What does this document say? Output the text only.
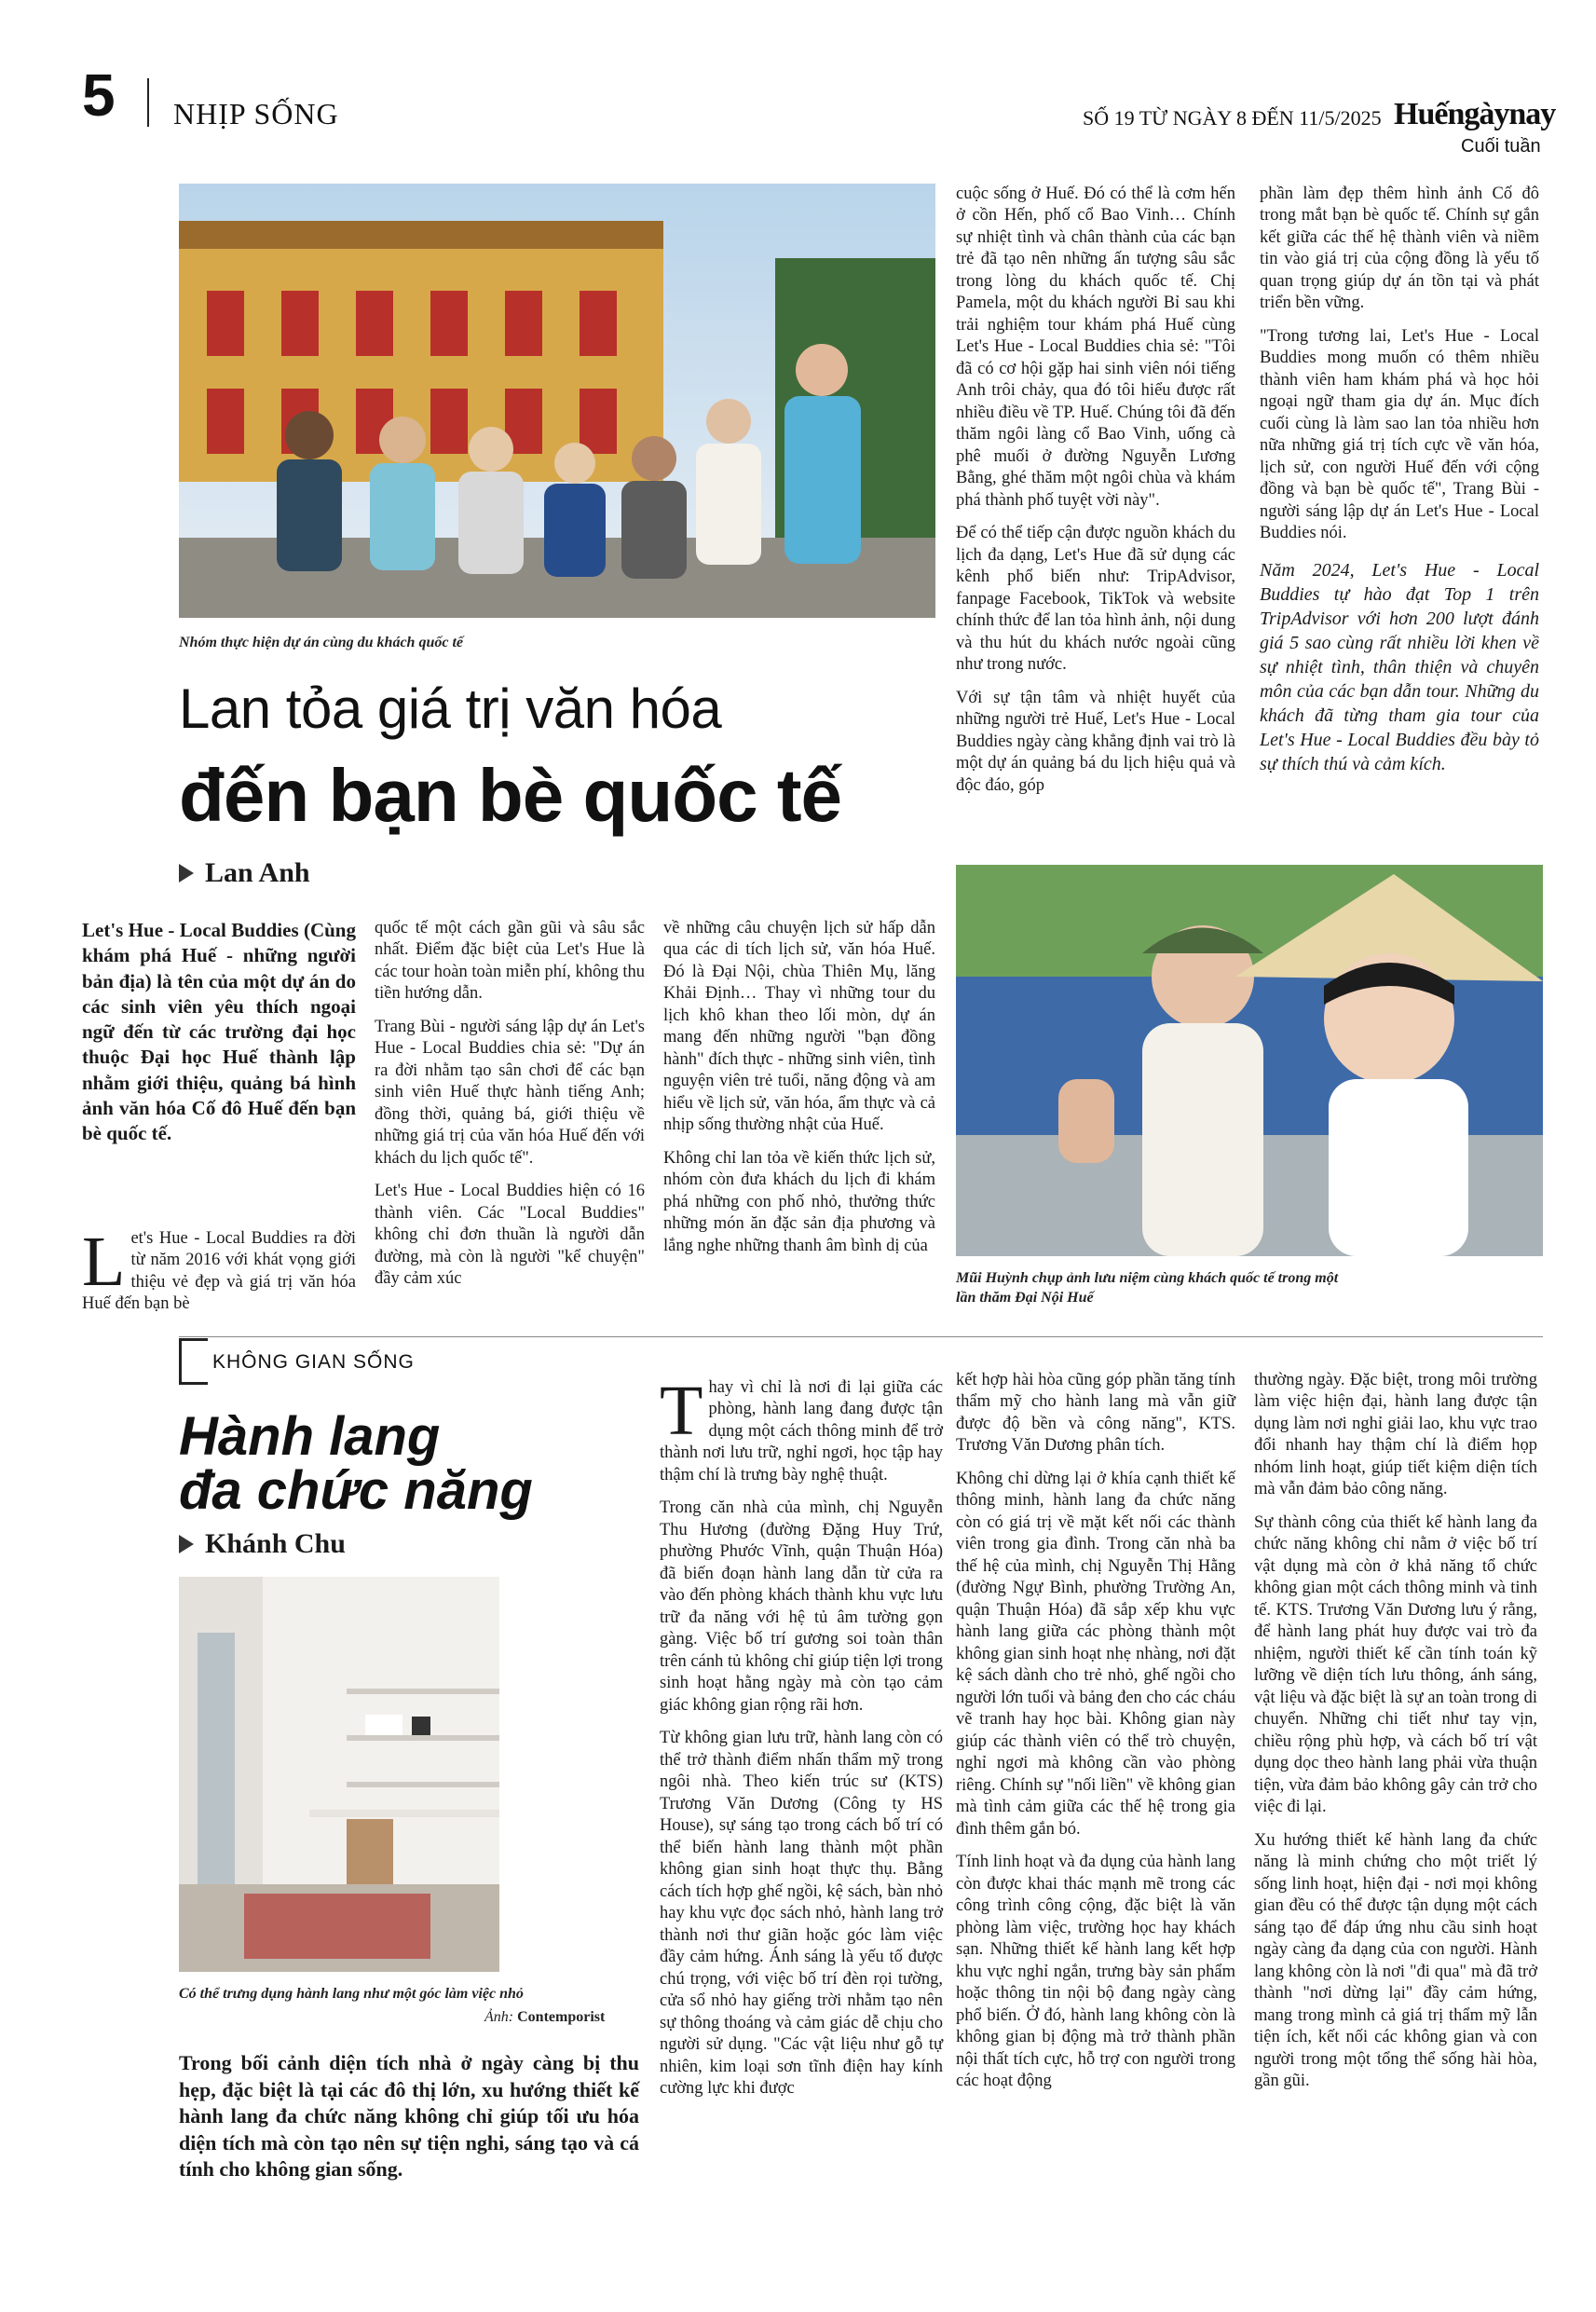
5 NHỊP SỐNG	SỐ 19 TỪ NGÀY 8 ĐẾN 11/5/2025 Huếngàynay
Cuối tuần
Nhóm thực hiện dự án cùng du khách quốc tế
Lan tỏa giá trị văn hóa
đến bạn bè quốc tế
Lan Anh
Let's Hue - Local Buddies (Cùng khám phá Huế - những người bản địa) là tên của một dự án do các sinh viên yêu thích ngoại ngữ đến từ các trường đại học thuộc Đại học Huế thành lập nhằm giới thiệu, quảng bá hình ảnh văn hóa Cố đô Huế đến bạn bè quốc tế.

Let's Hue - Local Buddies ra đời từ năm 2016 với khát vọng giới thiệu vẻ đẹp và giá trị văn hóa Huế đến bạn bè

quốc tế một cách gần gũi và sâu sắc nhất. Điểm đặc biệt của Let's Hue là các tour hoàn toàn miễn phí, không thu tiền hướng dẫn.

Trang Bùi - người sáng lập dự án Let's Hue - Local Buddies chia sẻ: "Dự án ra đời nhằm tạo sân chơi để các bạn sinh viên Huế thực hành tiếng Anh; đồng thời, quảng bá, giới thiệu về những giá trị của văn hóa Huế đến với khách du lịch quốc tế".

Let's Hue - Local Buddies hiện có 16 thành viên. Các "Local Buddies" không chỉ đơn thuần là người dẫn đường, mà còn là người "kể chuyện" đầy cảm xúc

về những câu chuyện lịch sử hấp dẫn qua các di tích lịch sử, văn hóa Huế. Đó là Đại Nội, chùa Thiên Mụ, lăng Khải Định… Thay vì những tour du lịch khô khan theo lối mòn, dự án mang đến những người "bạn đồng hành" đích thực - những sinh viên, tình nguyện viên trẻ tuổi, năng động và am hiểu về lịch sử, văn hóa, ẩm thực và cả nhịp sống thường nhật của Huế.

Không chỉ lan tỏa về kiến thức lịch sử, nhóm còn đưa khách du lịch đi khám phá những con phố nhỏ, thưởng thức những món ăn đặc sản địa phương và lắng nghe những thanh âm bình dị của

cuộc sống ở Huế. Đó có thể là cơm hến ở cồn Hến, phố cổ Bao Vinh… Chính sự nhiệt tình và chân thành của các bạn trẻ đã tạo nên những ấn tượng sâu sắc trong lòng du khách quốc tế. Chị Pamela, một du khách người Bỉ sau khi trải nghiệm tour khám phá Huế cùng Let's Hue - Local Buddies chia sẻ: "Tôi đã có cơ hội gặp hai sinh viên nói tiếng Anh trôi chảy, qua đó tôi hiểu được rất nhiều điều về TP. Huế. Chúng tôi đã đến thăm ngôi làng cổ Bao Vinh, uống cà phê muối ở đường Nguyễn Lương Bằng, ghé thăm một ngôi chùa và khám phá thành phố tuyệt vời này".

Để có thể tiếp cận được nguồn khách du lịch đa dạng, Let's Hue đã sử dụng các kênh phổ biến như: TripAdvisor, fanpage Facebook, TikTok và website chính thức để lan tỏa hình ảnh, nội dung và thu hút du khách nước ngoài cũng như trong nước.

Với sự tận tâm và nhiệt huyết của những người trẻ Huế, Let's Hue - Local Buddies ngày càng khẳng định vai trò là một dự án quảng bá du lịch hiệu quả và độc đáo, góp

phần làm đẹp thêm hình ảnh Cố đô trong mắt bạn bè quốc tế. Chính sự gắn kết giữa các thế hệ thành viên và niềm tin vào giá trị của cộng đồng là yếu tố quan trọng giúp dự án tồn tại và phát triển bền vững.

"Trong tương lai, Let's Hue - Local Buddies mong muốn có thêm nhiều thành viên ham khám phá và học hỏi ngoại ngữ tham gia dự án. Mục đích cuối cùng là làm sao lan tỏa nhiều hơn nữa những giá trị tích cực về văn hóa, lịch sử, con người Huế đến với cộng đồng và bạn bè quốc tế", Trang Bùi - người sáng lập dự án Let's Hue - Local Buddies nói.

Năm 2024, Let's Hue - Local Buddies tự hào đạt Top 1 trên TripAdvisor với hơn 200 lượt đánh giá 5 sao cùng rất nhiều lời khen về sự nhiệt tình, thân thiện và chuyên môn của các bạn dẫn tour. Những du khách đã từng tham gia tour của Let's Hue - Local Buddies đều bày tỏ sự thích thú và cảm kích.

Mũi Huỳnh chụp ảnh lưu niệm cùng khách quốc tế trong một lần thăm Đại Nội Huế
KHÔNG GIAN SỐNG
Hành lang
đa chức năng
Khánh Chu
Có thể trưng dụng hành lang như một góc làm việc nhỏ
Ảnh: Contemporist
Trong bối cảnh diện tích nhà ở ngày càng bị thu hẹp, đặc biệt là tại các đô thị lớn, xu hướng thiết kế hành lang đa chức năng không chỉ giúp tối ưu hóa diện tích mà còn tạo nên sự tiện nghi, sáng tạo và cá tính cho không gian sống.

Thay vì chỉ là nơi đi lại giữa các phòng, hành lang đang được tận dụng một cách thông minh để trở thành nơi lưu trữ, nghỉ ngơi, học tập hay thậm chí là trưng bày nghệ thuật.

Trong căn nhà của mình, chị Nguyễn Thu Hương (đường Đặng Huy Trứ, phường Phước Vĩnh, quận Thuận Hóa) đã biến đoạn hành lang dẫn từ cửa ra vào đến phòng khách thành khu vực lưu trữ đa năng với hệ tủ âm tường gọn gàng. Việc bố trí gương soi toàn thân trên cánh tủ không chỉ giúp tiện lợi trong sinh hoạt hằng ngày mà còn tạo cảm giác không gian rộng rãi hơn.

Từ không gian lưu trữ, hành lang còn có thể trở thành điểm nhấn thẩm mỹ trong ngôi nhà. Theo kiến trúc sư (KTS) Trương Văn Dương (Công ty HS House), sự sáng tạo trong cách bố trí có thể biến hành lang thành một phần không gian sinh hoạt thực thụ. Bằng cách tích hợp ghế ngồi, kệ sách, bàn nhỏ hay khu vực đọc sách nhỏ, hành lang trở thành nơi thư giãn hoặc góc làm việc đầy cảm hứng. Ánh sáng là yếu tố được chú trọng, với việc bố trí đèn rọi tường, cửa sổ nhỏ hay giếng trời nhằm tạo nên sự thông thoáng và cảm giác dễ chịu cho người sử dụng. "Các vật liệu như gỗ tự nhiên, kim loại sơn tĩnh điện hay kính cường lực khi được

kết hợp hài hòa cũng góp phần tăng tính thẩm mỹ cho hành lang mà vẫn giữ được độ bền và công năng", KTS. Trương Văn Dương phân tích.

Không chỉ dừng lại ở khía cạnh thiết kế thông minh, hành lang đa chức năng còn có giá trị về mặt kết nối các thành viên trong gia đình. Trong căn nhà ba thế hệ của mình, chị Nguyễn Thị Hằng (đường Ngự Bình, phường Trường An, quận Thuận Hóa) đã sắp xếp khu vực hành lang giữa các phòng thành một không gian sinh hoạt nhẹ nhàng, nơi đặt kệ sách dành cho trẻ nhỏ, ghế ngồi cho người lớn tuổi và bảng đen cho các cháu vẽ tranh hay học bài. Không gian này giúp các thành viên có thể trò chuyện, nghỉ ngơi mà không cần vào phòng riêng. Chính sự "nối liền" về không gian mà tình cảm giữa các thế hệ trong gia đình thêm gắn bó.

Tính linh hoạt và đa dụng của hành lang còn được khai thác mạnh mẽ trong các công trình công cộng, đặc biệt là văn phòng làm việc, trường học hay khách sạn. Những thiết kế hành lang kết hợp khu vực nghỉ ngắn, trưng bày sản phẩm hoặc thông tin nội bộ đang ngày càng phổ biến. Ở đó, hành lang không còn là không gian bị động mà trở thành phần nội thất tích cực, hỗ trợ con người trong các hoạt động

thường ngày. Đặc biệt, trong môi trường làm việc hiện đại, hành lang được tận dụng làm nơi nghỉ giải lao, khu vực trao đổi nhanh hay thậm chí là điểm họp nhóm linh hoạt, giúp tiết kiệm diện tích mà vẫn đảm bảo công năng.

Sự thành công của thiết kế hành lang đa chức năng không chỉ nằm ở việc bố trí vật dụng mà còn ở khả năng tổ chức không gian một cách thông minh và tinh tế. KTS. Trương Văn Dương lưu ý rằng, để hành lang phát huy được vai trò đa nhiệm, người thiết kế cần tính toán kỹ lưỡng về diện tích lưu thông, ánh sáng, vật liệu và đặc biệt là sự an toàn trong di chuyển. Những chi tiết như tay vịn, chiều rộng phù hợp, và cách bố trí vật dụng dọc theo hành lang phải vừa thuận tiện, vừa đảm bảo không gây cản trở cho việc đi lại.

Xu hướng thiết kế hành lang đa chức năng là minh chứng cho một triết lý sống linh hoạt, hiện đại - nơi mọi không gian đều có thể được tận dụng một cách sáng tạo để đáp ứng nhu cầu sinh hoạt ngày càng đa dạng của con người. Hành lang không còn là nơi "đi qua" mà đã trở thành "nơi dừng lại" đầy cảm hứng, mang trong mình cả giá trị thẩm mỹ lẫn tiện ích, kết nối các không gian và con người trong một tổng thể sống hài hòa, gần gũi.
